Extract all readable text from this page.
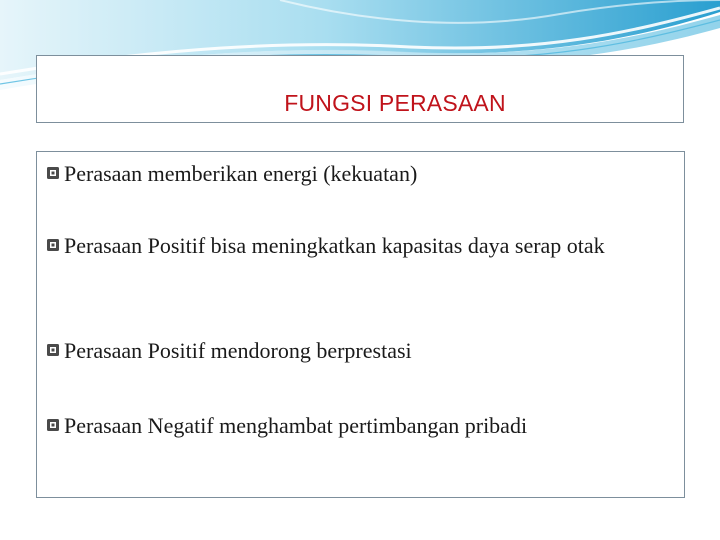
FUNGSI PERASAAN
Perasaan memberikan energi (kekuatan)
Perasaan Positif bisa meningkatkan kapasitas daya serap otak
Perasaan Positif mendorong berprestasi
Perasaan Negatif menghambat pertimbangan pribadi
